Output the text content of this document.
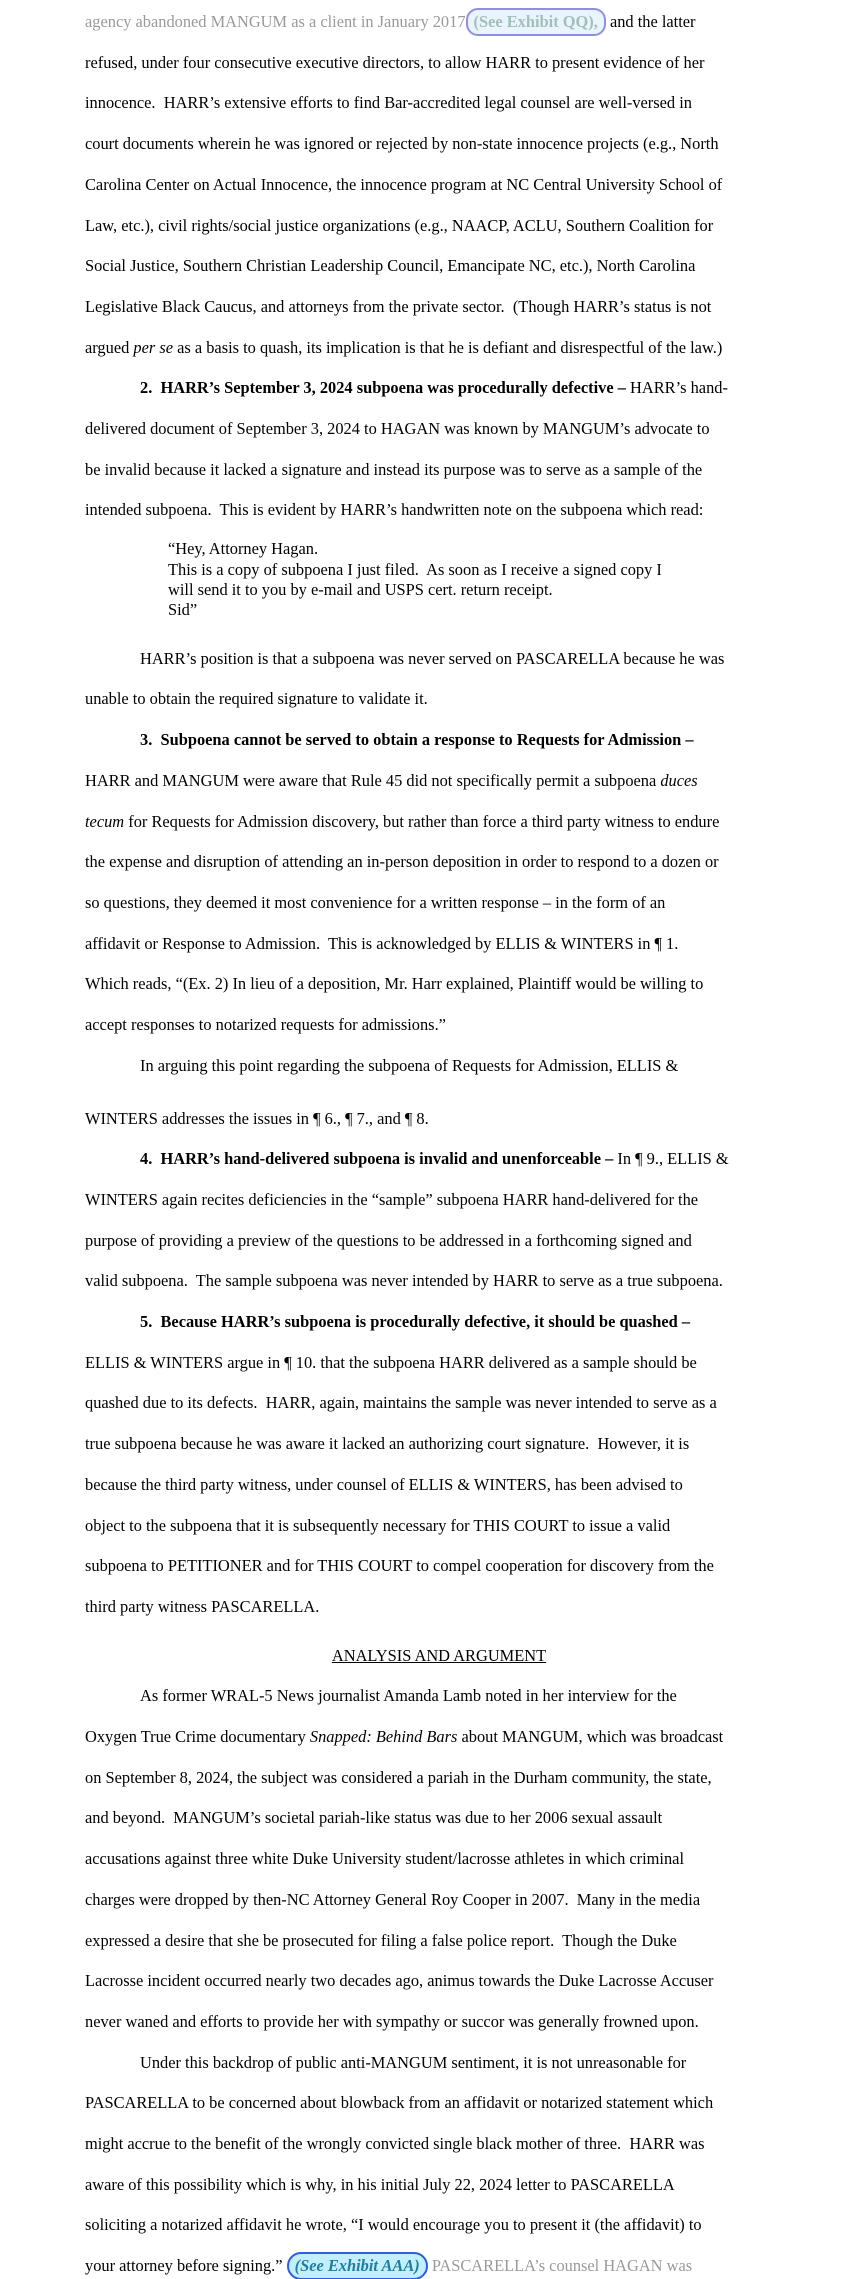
agency abandoned MANGUM as a client in January 2017 (See Exhibit QQ), and the latter
refused, under four consecutive executive directors, to allow HARR to present evidence of her
innocence.  HARR’s extensive efforts to find Bar-accredited legal counsel are well-versed in
court documents wherein he was ignored or rejected by non-state innocence projects (e.g., North
Carolina Center on Actual Innocence, the innocence program at NC Central University School of
Law, etc.), civil rights/social justice organizations (e.g., NAACP, ACLU, Southern Coalition for
Social Justice, Southern Christian Leadership Council, Emancipate NC, etc.), North Carolina
Legislative Black Caucus, and attorneys from the private sector.  (Though HARR’s status is not
argued per se as a basis to quash, its implication is that he is defiant and disrespectful of the law.)
2.  HARR’s September 3, 2024 subpoena was procedurally defective – HARR’s hand-
delivered document of September 3, 2024 to HAGAN was known by MANGUM’s advocate to
be invalid because it lacked a signature and instead its purpose was to serve as a sample of the
intended subpoena.  This is evident by HARR’s handwritten note on the subpoena which read:
“Hey, Attorney Hagan.
This is a copy of subpoena I just filed.  As soon as I receive a signed copy I
will send it to you by e-mail and USPS cert. return receipt.
Sid”
HARR’s position is that a subpoena was never served on PASCARELLA because he was
unable to obtain the required signature to validate it.
3.  Subpoena cannot be served to obtain a response to Requests for Admission –
HARR and MANGUM were aware that Rule 45 did not specifically permit a subpoena duces
tecum for Requests for Admission discovery, but rather than force a third party witness to endure
the expense and disruption of attending an in-person deposition in order to respond to a dozen or
so questions, they deemed it most convenience for a written response – in the form of an
affidavit or Response to Admission.  This is acknowledged by ELLIS & WINTERS in ¶ 1.
Which reads, “(Ex. 2) In lieu of a deposition, Mr. Harr explained, Plaintiff would be willing to
accept responses to notarized requests for admissions.”
In arguing this point regarding the subpoena of Requests for Admission, ELLIS &
WINTERS addresses the issues in ¶ 6., ¶ 7., and ¶ 8.
4.  HARR’s hand-delivered subpoena is invalid and unenforceable – In ¶ 9., ELLIS &
WINTERS again recites deficiencies in the “sample” subpoena HARR hand-delivered for the
purpose of providing a preview of the questions to be addressed in a forthcoming signed and
valid subpoena.  The sample subpoena was never intended by HARR to serve as a true subpoena.
5.  Because HARR’s subpoena is procedurally defective, it should be quashed –
ELLIS & WINTERS argue in ¶ 10. that the subpoena HARR delivered as a sample should be
quashed due to its defects.  HARR, again, maintains the sample was never intended to serve as a
true subpoena because he was aware it lacked an authorizing court signature.  However, it is
because the third party witness, under counsel of ELLIS & WINTERS, has been advised to
object to the subpoena that it is subsequently necessary for THIS COURT to issue a valid
subpoena to PETITIONER and for THIS COURT to compel cooperation for discovery from the
third party witness PASCARELLA.
ANALYSIS AND ARGUMENT
As former WRAL-5 News journalist Amanda Lamb noted in her interview for the
Oxygen True Crime documentary Snapped: Behind Bars about MANGUM, which was broadcast
on September 8, 2024, the subject was considered a pariah in the Durham community, the state,
and beyond.  MANGUM’s societal pariah-like status was due to her 2006 sexual assault
accusations against three white Duke University student/lacrosse athletes in which criminal
charges were dropped by then-NC Attorney General Roy Cooper in 2007.  Many in the media
expressed a desire that she be prosecuted for filing a false police report.  Though the Duke
Lacrosse incident occurred nearly two decades ago, animus towards the Duke Lacrosse Accuser
never waned and efforts to provide her with sympathy or succor was generally frowned upon.
Under this backdrop of public anti-MANGUM sentiment, it is not unreasonable for
PASCARELLA to be concerned about blowback from an affidavit or notarized statement which
might accrue to the benefit of the wrongly convicted single black mother of three.  HARR was
aware of this possibility which is why, in his initial July 22, 2024 letter to PASCARELLA
soliciting a notarized affidavit he wrote, “I would encourage you to present it (the affidavit) to
your attorney before signing.” (See Exhibit AAA) PASCARELLA’s counsel HAGAN was
